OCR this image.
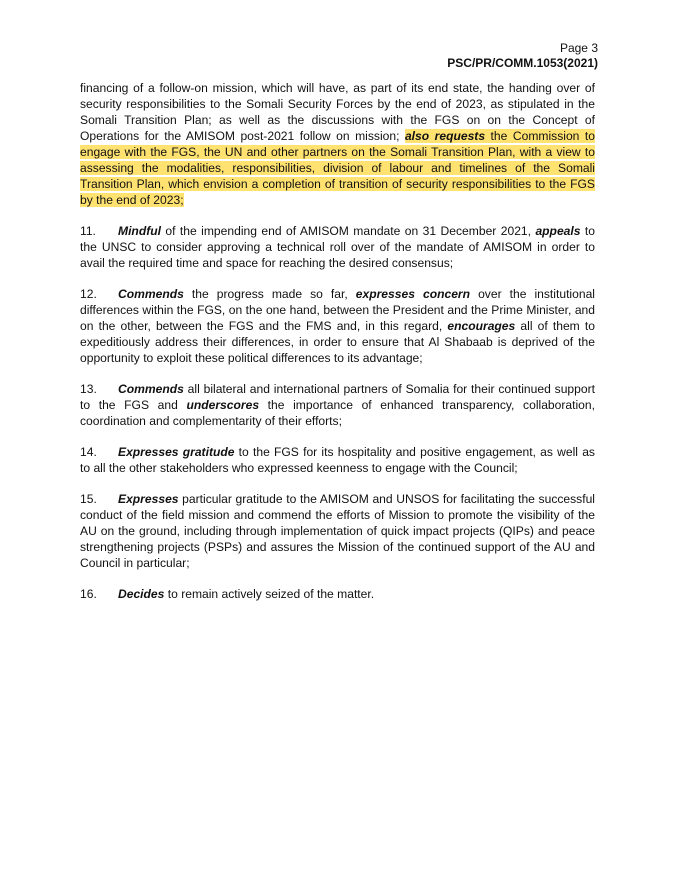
Page 3
PSC/PR/COMM.1053(2021)

financing of a follow-on mission, which will have, as part of its end state, the handing over of security responsibilities to the Somali Security Forces by the end of 2023, as stipulated in the Somali Transition Plan; as well as the discussions with the FGS on on the Concept of Operations for the AMISOM post-2021 follow on mission; also requests the Commission to engage with the FGS, the UN and other partners on the Somali Transition Plan, with a view to assessing the modalities, responsibilities, division of labour and timelines of the Somali Transition Plan, which envision a completion of transition of security responsibilities to the FGS by the end of 2023;

11. Mindful of the impending end of AMISOM mandate on 31 December 2021, appeals to the UNSC to consider approving a technical roll over of the mandate of AMISOM in order to avail the required time and space for reaching the desired consensus;

12. Commends the progress made so far, expresses concern over the institutional differences within the FGS, on the one hand, between the President and the Prime Minister, and on the other, between the FGS and the FMS and, in this regard, encourages all of them to expeditiously address their differences, in order to ensure that Al Shabaab is deprived of the opportunity to exploit these political differences to its advantage;

13. Commends all bilateral and international partners of Somalia for their continued support to the FGS and underscores the importance of enhanced transparency, collaboration, coordination and complementarity of their efforts;

14. Expresses gratitude to the FGS for its hospitality and positive engagement, as well as to all the other stakeholders who expressed keenness to engage with the Council;

15. Expresses particular gratitude to the AMISOM and UNSOS for facilitating the successful conduct of the field mission and commend the efforts of Mission to promote the visibility of the AU on the ground, including through implementation of quick impact projects (QIPs) and peace strengthening projects (PSPs) and assures the Mission of the continued support of the AU and Council in particular;

16. Decides to remain actively seized of the matter.
